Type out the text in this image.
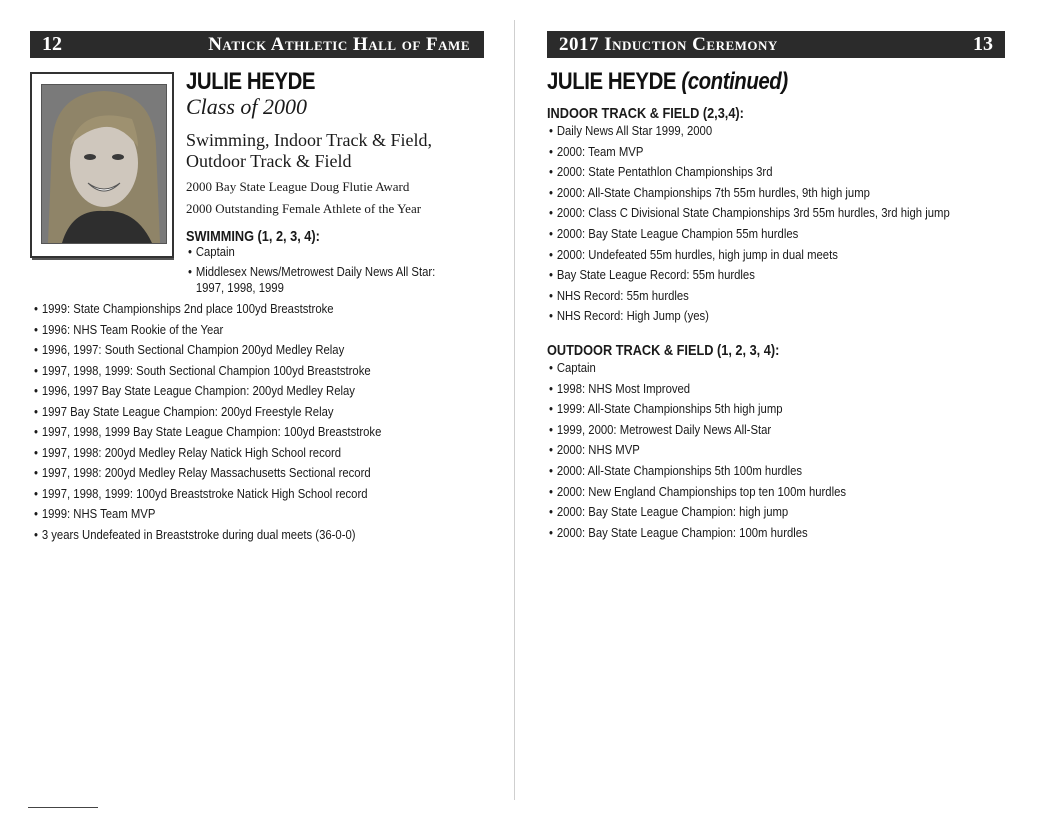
12	Natick Athletic Hall of Fame	2017 Induction Ceremony	13
JULIE HEYDE
Class of 2000
Swimming, Indoor Track & Field, Outdoor Track & Field
2000 Bay State League Doug Flutie Award
2000 Outstanding Female Athlete of the Year
SWIMMING (1, 2, 3, 4):
• Captain
• Middlesex News/Metrowest Daily News All Star:
1997, 1998, 1999
• 1999: State Championships 2nd place 100yd Breaststroke
• 1996: NHS Team Rookie of the Year
• 1996, 1997: South Sectional Champion 200yd Medley Relay
• 1997, 1998, 1999: South Sectional Champion 100yd Breaststroke
• 1996, 1997 Bay State League Champion: 200yd Medley Relay
• 1997 Bay State League Champion: 200yd Freestyle Relay
• 1997, 1998, 1999 Bay State League Champion: 100yd Breaststroke
• 1997, 1998: 200yd Medley Relay Natick High School record
• 1997, 1998: 200yd Medley Relay Massachusetts Sectional record
• 1997, 1998, 1999: 100yd Breaststroke Natick High School record
• 1999: NHS Team MVP
• 3 years Undefeated in Breaststroke during dual meets (36-0-0)
JULIE HEYDE (continued)
INDOOR TRACK & FIELD (2,3,4):
• Daily News All Star 1999, 2000
• 2000: Team MVP
• 2000: State Pentathlon Championships 3rd
• 2000: All-State Championships 7th 55m hurdles, 9th high jump
• 2000: Class C Divisional State Championships 3rd 55m hurdles, 3rd high jump
• 2000: Bay State League Champion 55m hurdles
• 2000: Undefeated 55m hurdles, high jump in dual meets
• Bay State League Record: 55m hurdles
• NHS Record: 55m hurdles
• NHS Record: High Jump (yes)
OUTDOOR TRACK & FIELD (1, 2, 3, 4):
• Captain
• 1998: NHS Most Improved
• 1999: All-State Championships 5th high jump
• 1999, 2000: Metrowest Daily News All-Star
• 2000: NHS MVP
• 2000: All-State Championships 5th 100m hurdles
• 2000: New England Championships top ten 100m hurdles
• 2000: Bay State League Champion: high jump
• 2000: Bay State League Champion: 100m hurdles
